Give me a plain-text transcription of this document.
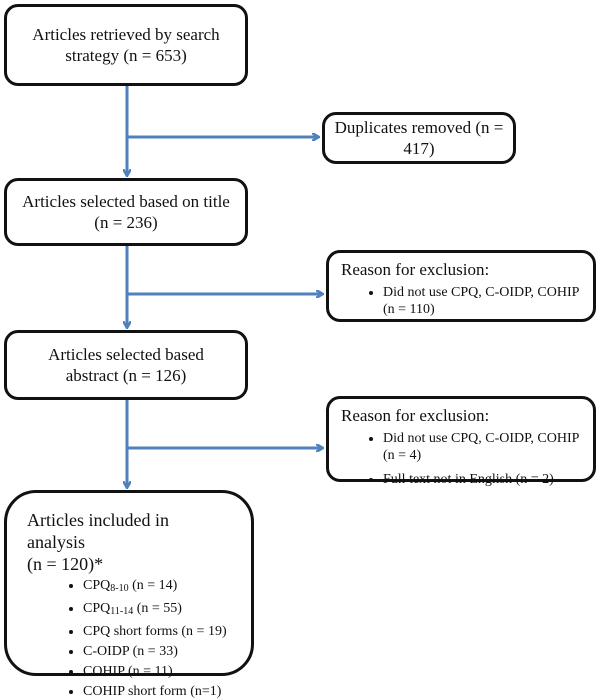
Articles retrieved by search
strategy (n = 653)
Duplicates removed (n = 417)
Articles selected based on title
(n = 236)
Reason for exclusion:
• Did not use CPQ, C-OIDP, COHIP (n = 110)
Articles selected based
abstract (n = 126)
Reason for exclusion:
• Did not use CPQ, C-OIDP, COHIP (n = 4)
• Full text not in English (n = 2)
Articles included in analysis
(n = 120)*
• $CPQ_{8-10}$ (n = 14)
• $CPQ_{11-14}$ (n = 55)
• CPQ short forms (n = 19)
• C-OIDP (n = 33)
• COHIP (n = 11)
• COHIP short form (n=1)
